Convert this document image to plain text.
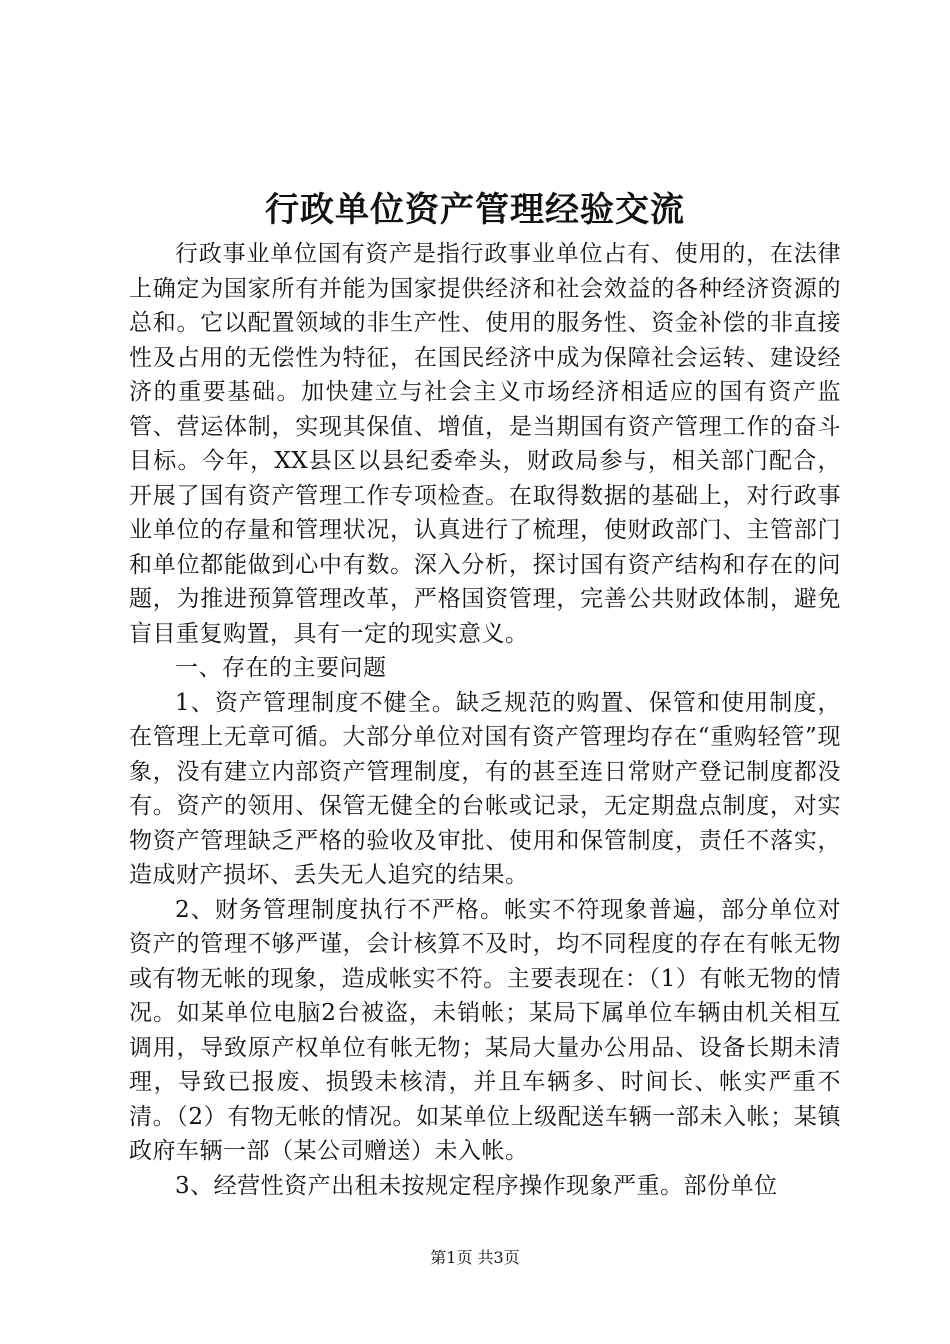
行政单位资产管理经验交流

行政事业单位国有资产是指行政事业单位占有、使用的，在法律上确定为国家所有并能为国家提供经济和社会效益的各种经济资源的总和。它以配置领域的非生产性、使用的服务性、资金补偿的非直接性及占用的无偿性为特征，在国民经济中成为保障社会运转、建设经济的重要基础。加快建立与社会主义市场经济相适应的国有资产监管、营运体制，实现其保值、增值，是当期国有资产管理工作的奋斗目标。今年，XX县区以县纪委牵头，财政局参与，相关部门配合，开展了国有资产管理工作专项检查。在取得数据的基础上，对行政事业单位的存量和管理状况，认真进行了梳理，使财政部门、主管部门和单位都能做到心中有数。深入分析，探讨国有资产结构和存在的问题，为推进预算管理改革，严格国资管理，完善公共财政体制，避免盲目重复购置，具有一定的现实意义。

一、存在的主要问题

1、资产管理制度不健全。缺乏规范的购置、保管和使用制度，在管理上无章可循。大部分单位对国有资产管理均存在“重购轻管”现象，没有建立内部资产管理制度，有的甚至连日常财产登记制度都没有。资产的领用、保管无健全的台帐或记录，无定期盘点制度，对实物资产管理缺乏严格的验收及审批、使用和保管制度，责任不落实，造成财产损坏、丢失无人追究的结果。

2、财务管理制度执行不严格。帐实不符现象普遍，部分单位对资产的管理不够严谨，会计核算不及时，均不同程度的存在有帐无物或有物无帐的现象，造成帐实不符。主要表现在：（1）有帐无物的情况。如某单位电脑2台被盗，未销帐；某局下属单位车辆由机关相互调用，导致原产权单位有帐无物；某局大量办公用品、设备长期未清理，导致已报废、损毁未核清，并且车辆多、时间长、帐实严重不清。（2）有物无帐的情况。如某单位上级配送车辆一部未入帐；某镇政府车辆一部（某公司赠送）未入帐。

3、经营性资产出租未按规定程序操作现象严重。部份单位

第1页 共3页
